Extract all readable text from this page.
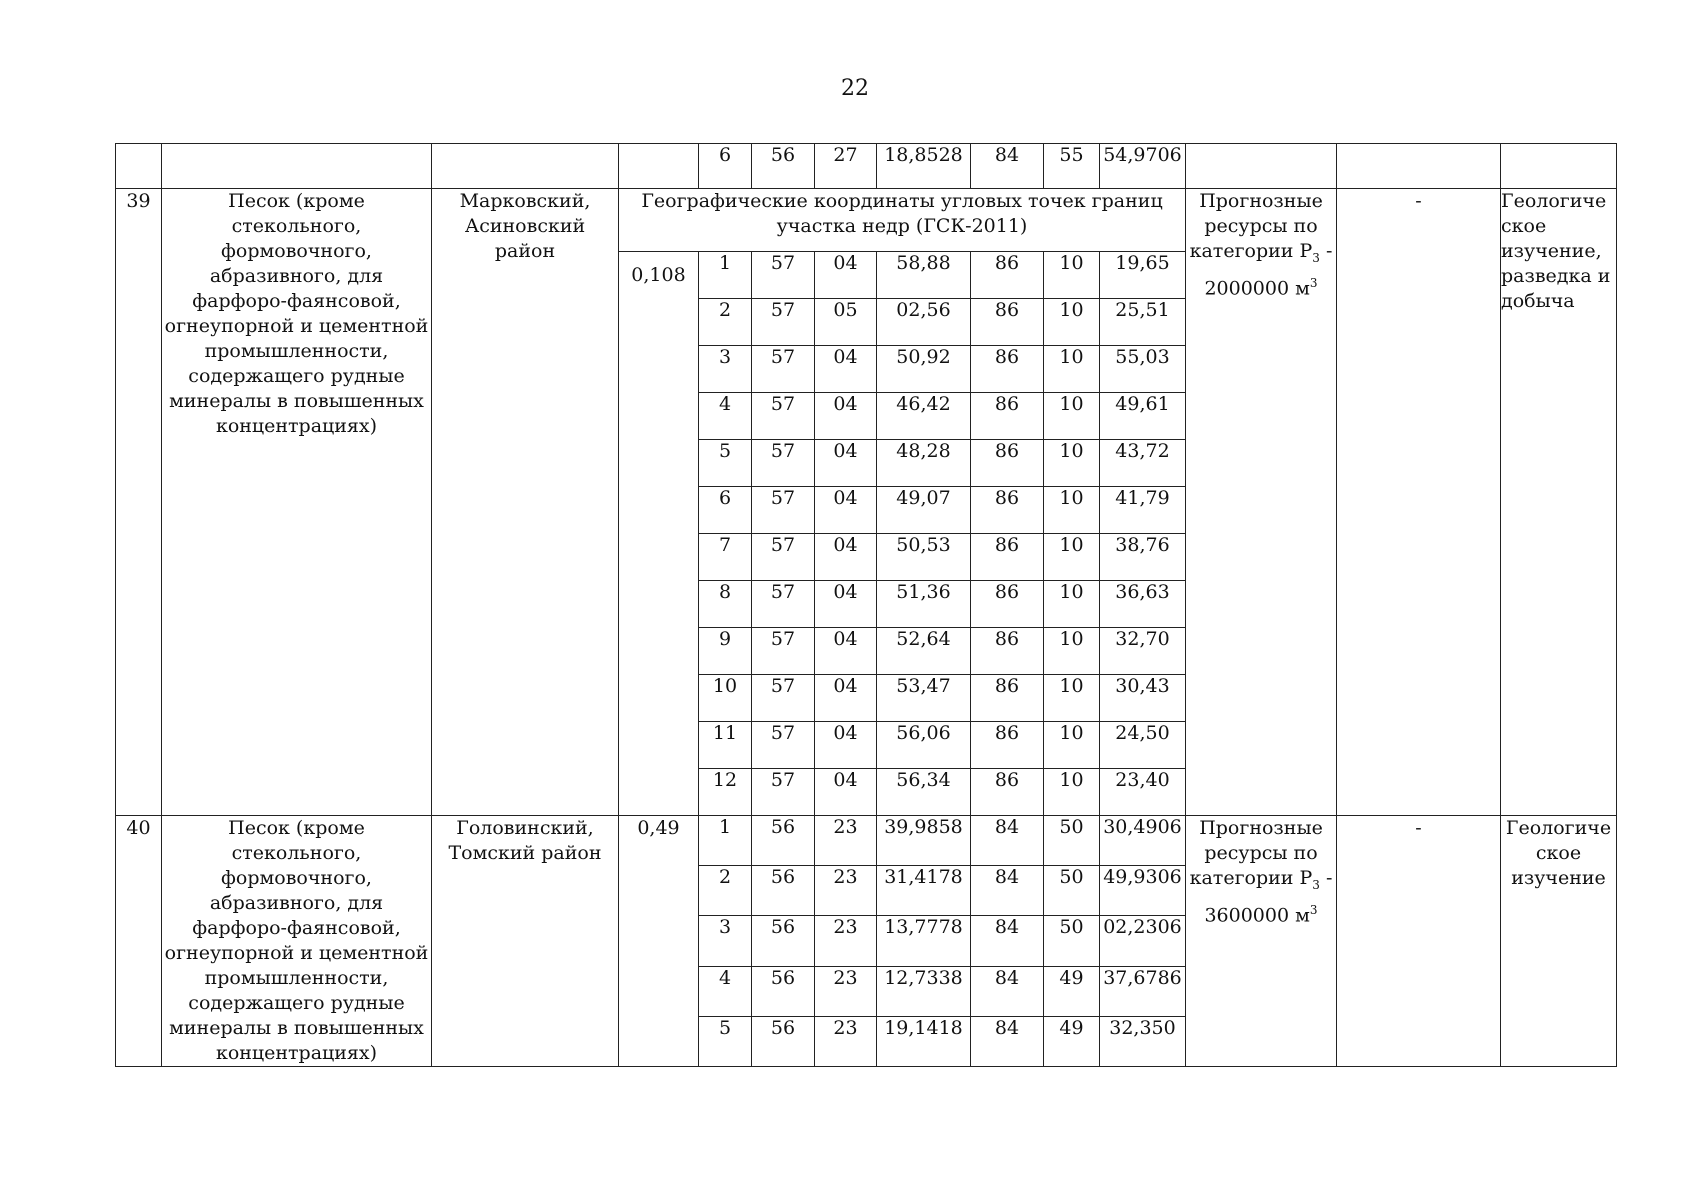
22
				6	56	27	18,8528	84	55	54,9706			
39	Песок (кроме стекольного, формовочного, абразивного, для фарфоро-фаянсовой, огнеупорной и цементной промышленности, содержащего рудные минералы в повышенных концентрациях)	Марковский, Асиновский район	Географические координаты угловых точек границ участка недр (ГСК-2011)								Прогнозные ресурсы по категории $P_3 - 2000000$ $м^3$	-	Геологиче ское изучение, разведка и добыча
			0,108	1	57	04	58,88	86	10	19,65			
				2	57	05	02,56	86	10	25,51			
				3	57	04	50,92	86	10	55,03			
				4	57	04	46,42	86	10	49,61			
				5	57	04	48,28	86	10	43,72			
				6	57	04	49,07	86	10	41,79			
				7	57	04	50,53	86	10	38,76			
				8	57	04	51,36	86	10	36,63			
				9	57	04	52,64	86	10	32,70			
				10	57	04	53,47	86	10	30,43			
				11	57	04	56,06	86	10	24,50			
				12	57	04	56,34	86	10	23,40			
40	Песок (кроме стекольного, формовочного, абразивного, для фарфоро-фаянсовой, огнеупорной и цементной промышленности, содержащего рудные минералы в повышенных концентрациях)	Головинский, Томский район	0,49	1	56	23	39,9858	84	50	30,4906	Прогнозные ресурсы по категории $P_3 - 3600000$ $м^3$	-	Геологиче ское изучение
				2	56	23	31,4178	84	50	49,9306			
				3	56	23	13,7778	84	50	02,2306			
				4	56	23	12,7338	84	49	37,6786			
				5	56	23	19,1418	84	49	32,350			
